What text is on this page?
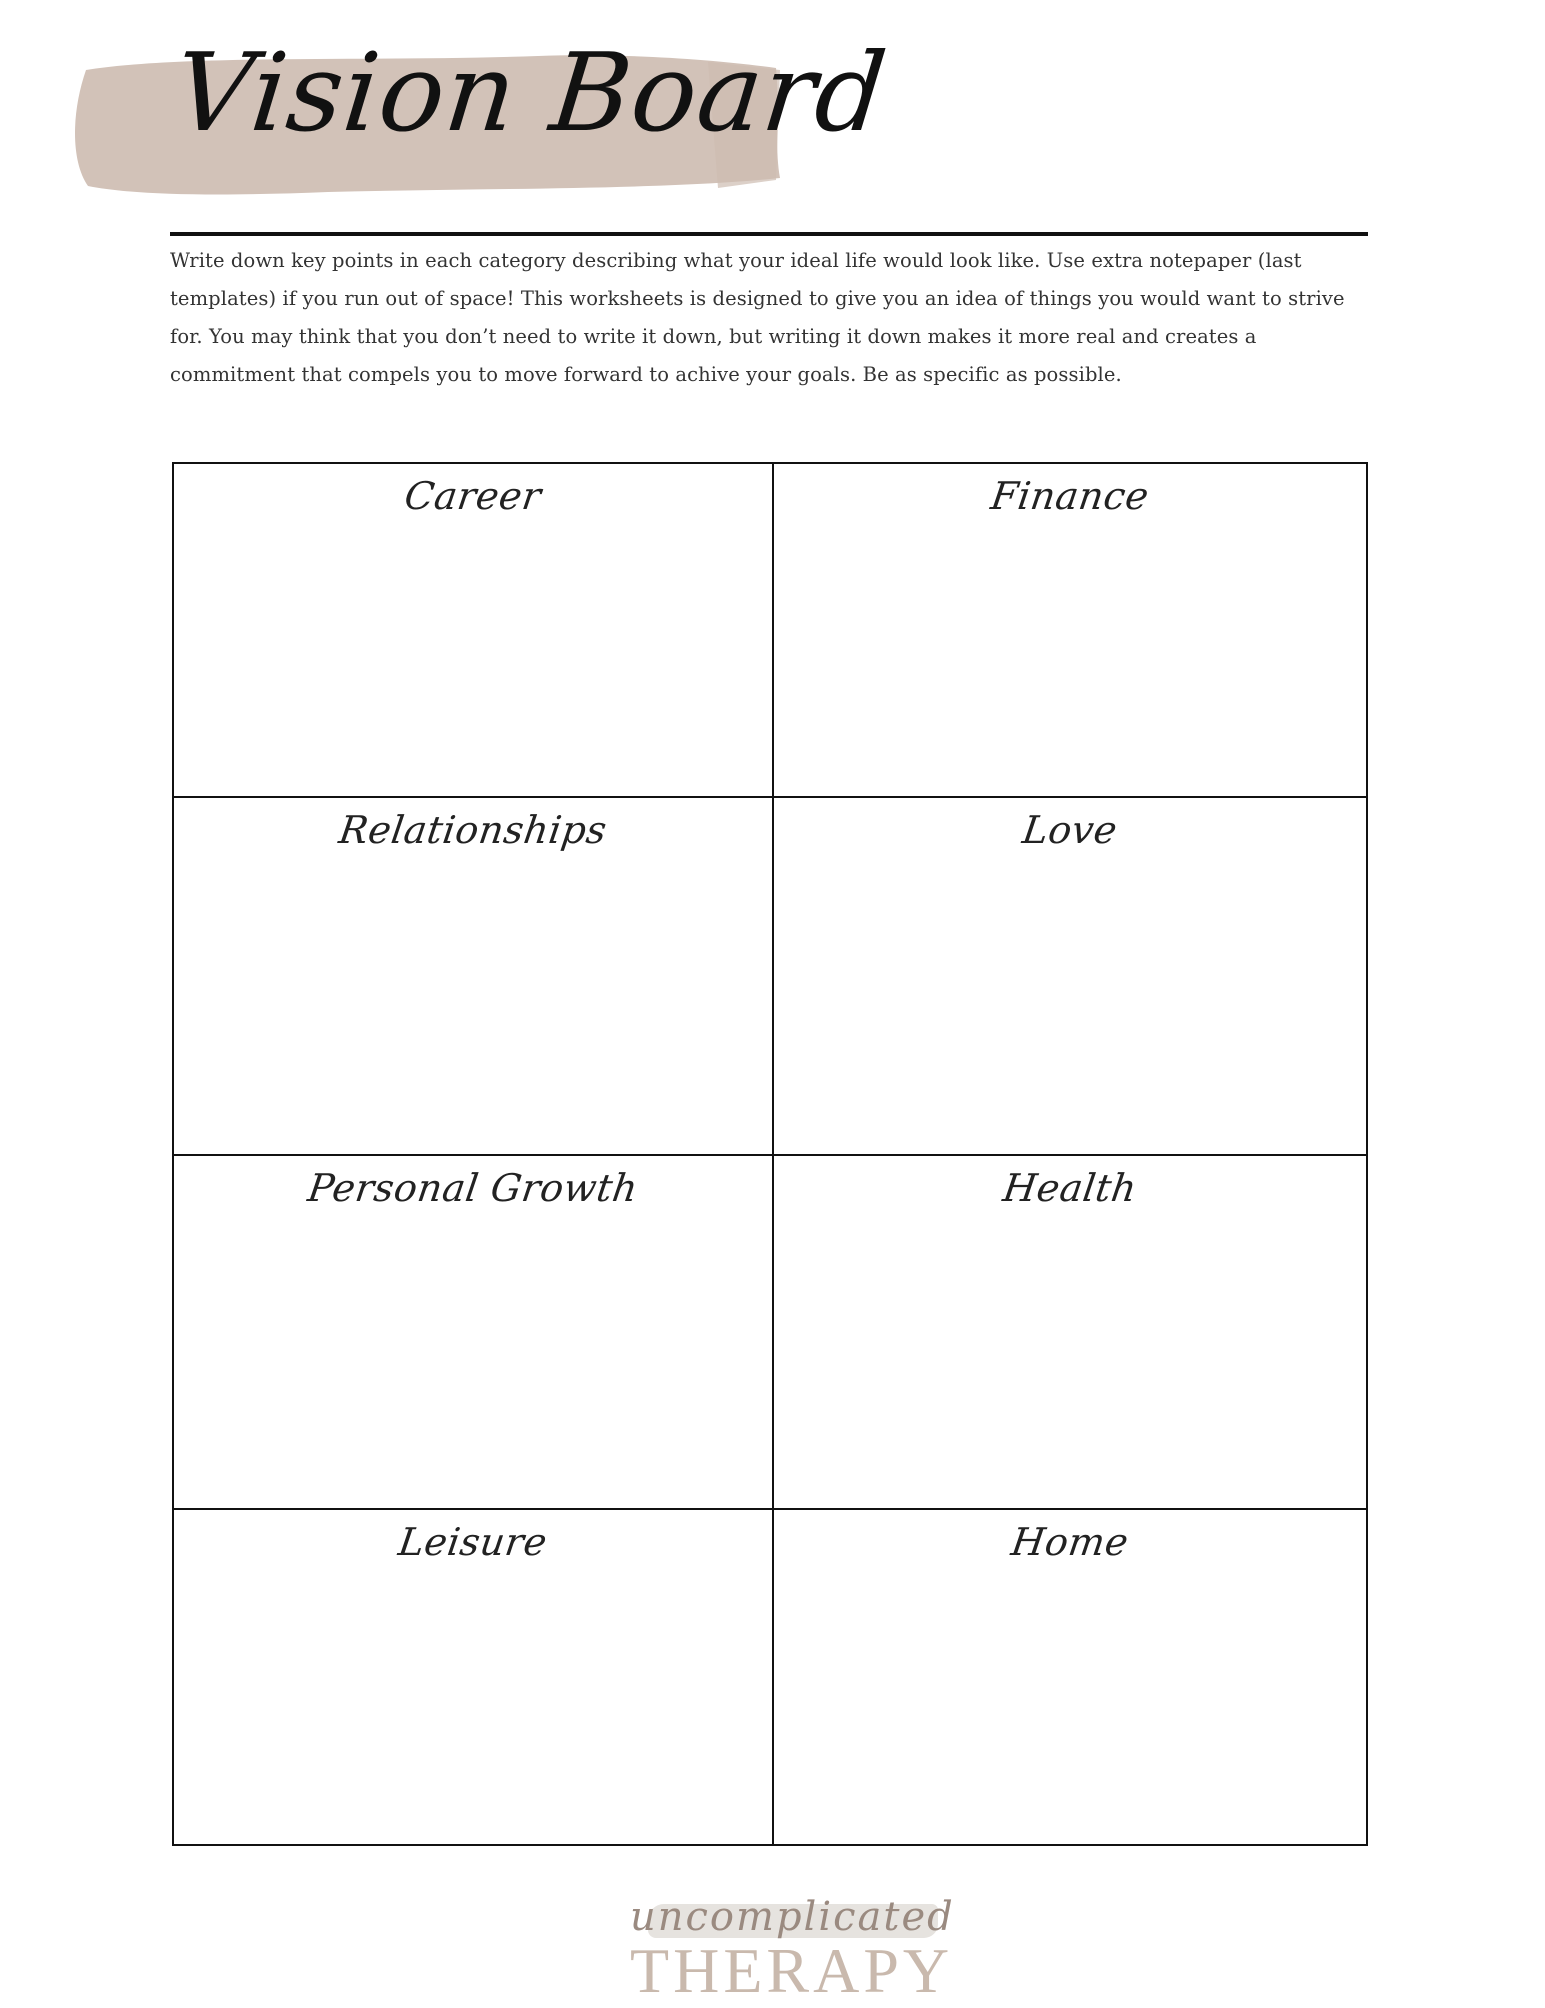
Vision Board

Write down key points in each category describing what your ideal life would look like. Use extra notepaper (last templates) if you run out of space! This worksheets is designed to give you an idea of things you would want to strive for. You may think that you don’t need to write it down, but writing it down makes it more real and creates a commitment that compels you to move forward to achive your goals. Be as specific as possible.

Career	Finance
Relationships	Love
Personal Growth	Health
Leisure	Home
uncomplicated
THERAPY
